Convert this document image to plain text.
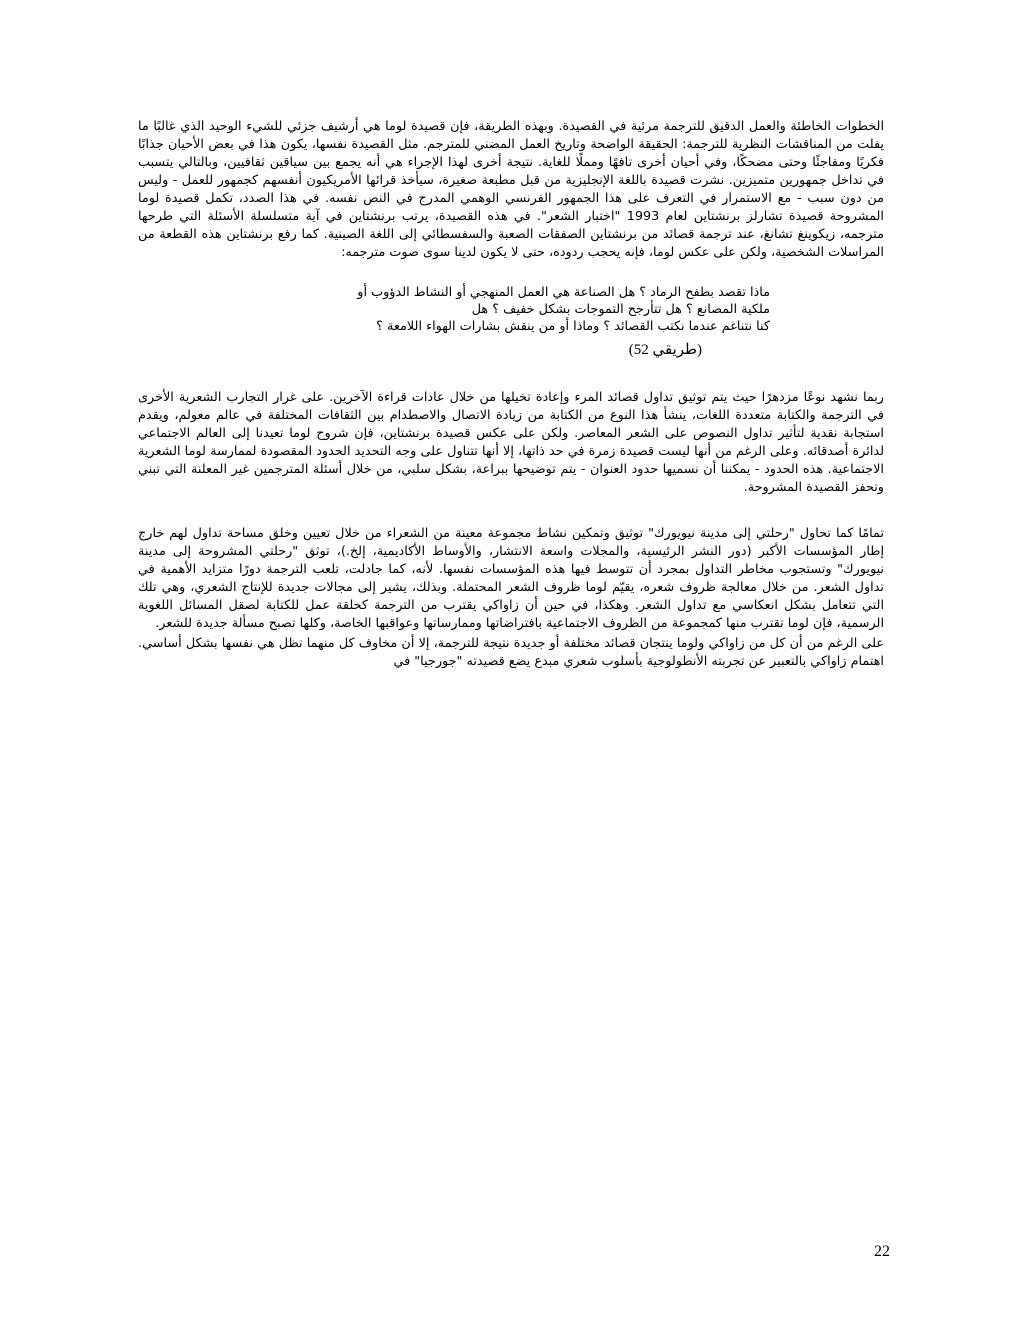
الخطوات الخاطئة والعمل الدقيق للترجمة مرئية في القصيدة. وبهذه الطريقة، فإن قصيدة لوما هي أرشيف جزئي للشيء الوحيد الذي غالبًا ما يفلت من المناقشات النظرية للترجمة: الحقيقة الواضحة وتاريخ العمل المضني للمترجم. مثل القصيدة نفسها، يكون هذا في بعض الأحيان جذابًا فكريًا ومفاجئًا وحتى مضحكًا، وفي أحيان أخرى تافهًا ومملًا للغاية. نتيجة أخرى لهذا الإجراء هي أنه يجمع بين سياقين ثقافيين، وبالتالي يتسبب في تداخل جمهورين متميزين. نشرت قصيدة باللغة الإنجليزية من قبل مطبعة صغيرة، سيأخذ قرائها الأمريكيون أنفسهم كجمهور للعمل - وليس من دون سبب - مع الاستمرار في التعرف على هذا الجمهور الفرنسي الوهمي المدرج في النص نفسه. في هذا الصدد، تكمل قصيدة لوما المشروحة قصيدة تشارلز برنشتاين لعام 1993 "اختبار الشعر". في هذه القصيدة، يرتب برنشتاين في آية متسلسلة الأسئلة التي طرحها مترجمه، زيكوينغ تشانغ، عند ترجمة قصائد من برنشتاين الصفقات الصعبة والسفسطائي إلى اللغة الصينية. كما رفع برنشتاين هذه القطعة من المراسلات الشخصية، ولكن على عكس لوما، فإنه يحجب ردوده، حتى لا يكون لدينا سوى صوت مترجمه:

ماذا تقصد بطفح الرماد ؟ هل الصناعة هي العمل المنهجي أو النشاط الدؤوب أو
ملكية المصانع ؟ هل تتأرجح التموجات بشكل خفيف ؟ هل
كنا نتناغم عندما نكتب القصائد ؟ وماذا أو من ينقش بشارات الهواء اللامعة ؟
(طريقي 52)

ربما نشهد نوعًا مزدهرًا حيث يتم توثيق تداول قصائد المرء وإعادة تخيلها من خلال عادات قراءة الآخرين. على غرار التجارب الشعرية الأخرى في الترجمة والكتابة متعددة اللغات، ينشأ هذا النوع من الكتابة من زيادة الاتصال والاصطدام بين الثقافات المختلفة في عالم معولم، ويقدم استجابة نقدية لتأثير تداول النصوص على الشعر المعاصر. ولكن على عكس قصيدة برنشتاين، فإن شروح لوما تعيدنا إلى العالم الاجتماعي لدائرة أصدقائه. وعلى الرغم من أنها ليست قصيدة زمرة في حد ذاتها، إلا أنها تتناول على وجه التحديد الحدود المقصودة لممارسة لوما الشعرية الاجتماعية. هذه الحدود - يمكننا أن نسميها حدود العنوان - يتم توضيحها ببراعة، بشكل سلبي، من خلال أسئلة المترجمين غير المعلنة التي تبني وتحفز القصيدة المشروحة.

تمامًا كما تحاول "رحلتي إلى مدينة نيويورك" توثيق وتمكين نشاط مجموعة معينة من الشعراء من خلال تعيين وخلق مساحة تداول لهم خارج إطار المؤسسات الأكبر (دور النشر الرئيسية، والمجلات واسعة الانتشار، والأوساط الأكاديمية، إلخ.)، توثق "رحلتي المشروحة إلى مدينة نيويورك" وتستجوب مخاطر التداول بمجرد أن تتوسط فيها هذه المؤسسات نفسها. لأنه، كما جادلت، تلعب الترجمة دورًا متزايد الأهمية في تداول الشعر. من خلال معالجة ظروف شعره، يقيّم لوما ظروف الشعر المحتملة. وبذلك، يشير إلى مجالات جديدة للإنتاج الشعري، وهي تلك التي تتعامل بشكل انعكاسي مع تداول الشعر. وهكذا، في حين أن زاواكي يقترب من الترجمة كحلقة عمل للكتابة لصقل المسائل اللغوية الرسمية، فإن لوما تقترب منها كمجموعة من الظروف الاجتماعية بافتراضاتها وممارساتها وعواقبها الخاصة، وكلها تصبح مسألة جديدة للشعر.

على الرغم من أن كل من زاواكي ولوما ينتجان قصائد مختلفة أو جديدة نتيجة للترجمة، إلا أن مخاوف كل منهما تظل هي نفسها بشكل أساسي. اهتمام زاواكي بالتعبير عن تجربته الأنطولوجية بأسلوب شعري مبدع يضع قصيدته "جورجيا" في

22
